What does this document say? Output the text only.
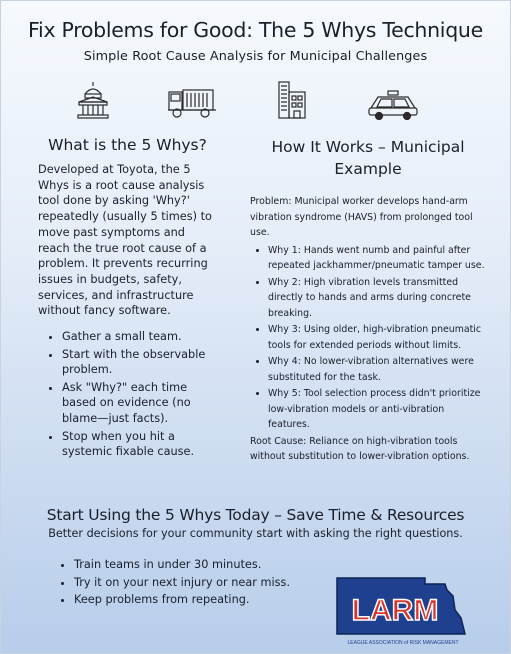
Fix Problems for Good: The 5 Whys Technique
Simple Root Cause Analysis for Municipal Challenges
What is the 5 Whys?

Developed at Toyota, the 5 Whys is a root cause analysis tool done by asking 'Why?' repeatedly (usually 5 times) to move past symptoms and reach the true root cause of a problem. It prevents recurring issues in budgets, safety, services, and infrastructure without fancy software.

• Gather a small team.
• Start with the observable problem.
• Ask "Why?" each time based on evidence (no blame—just facts).
• Stop when you hit a systemic fixable cause.
How It Works – Municipal Example

Problem: Municipal worker develops hand-arm vibration syndrome (HAVS) from prolonged tool use.

• Why 1: Hands went numb and painful after repeated jackhammer/pneumatic tamper use.
• Why 2: High vibration levels transmitted directly to hands and arms during concrete breaking.
• Why 3: Using older, high-vibration pneumatic tools for extended periods without limits.
• Why 4: No lower-vibration alternatives were substituted for the task.
• Why 5: Tool selection process didn't prioritize low-vibration models or anti-vibration features.

Root Cause: Reliance on high-vibration tools without substitution to lower-vibration options.

Start Using the 5 Whys Today – Save Time & Resources
Better decisions for your community start with asking the right questions.
• Train teams in under 30 minutes.
• Try it on your next injury or near miss.
• Keep problems from repeating.	LARM
LEAGUE ASSOCIATION of RISK MANAGEMENT
